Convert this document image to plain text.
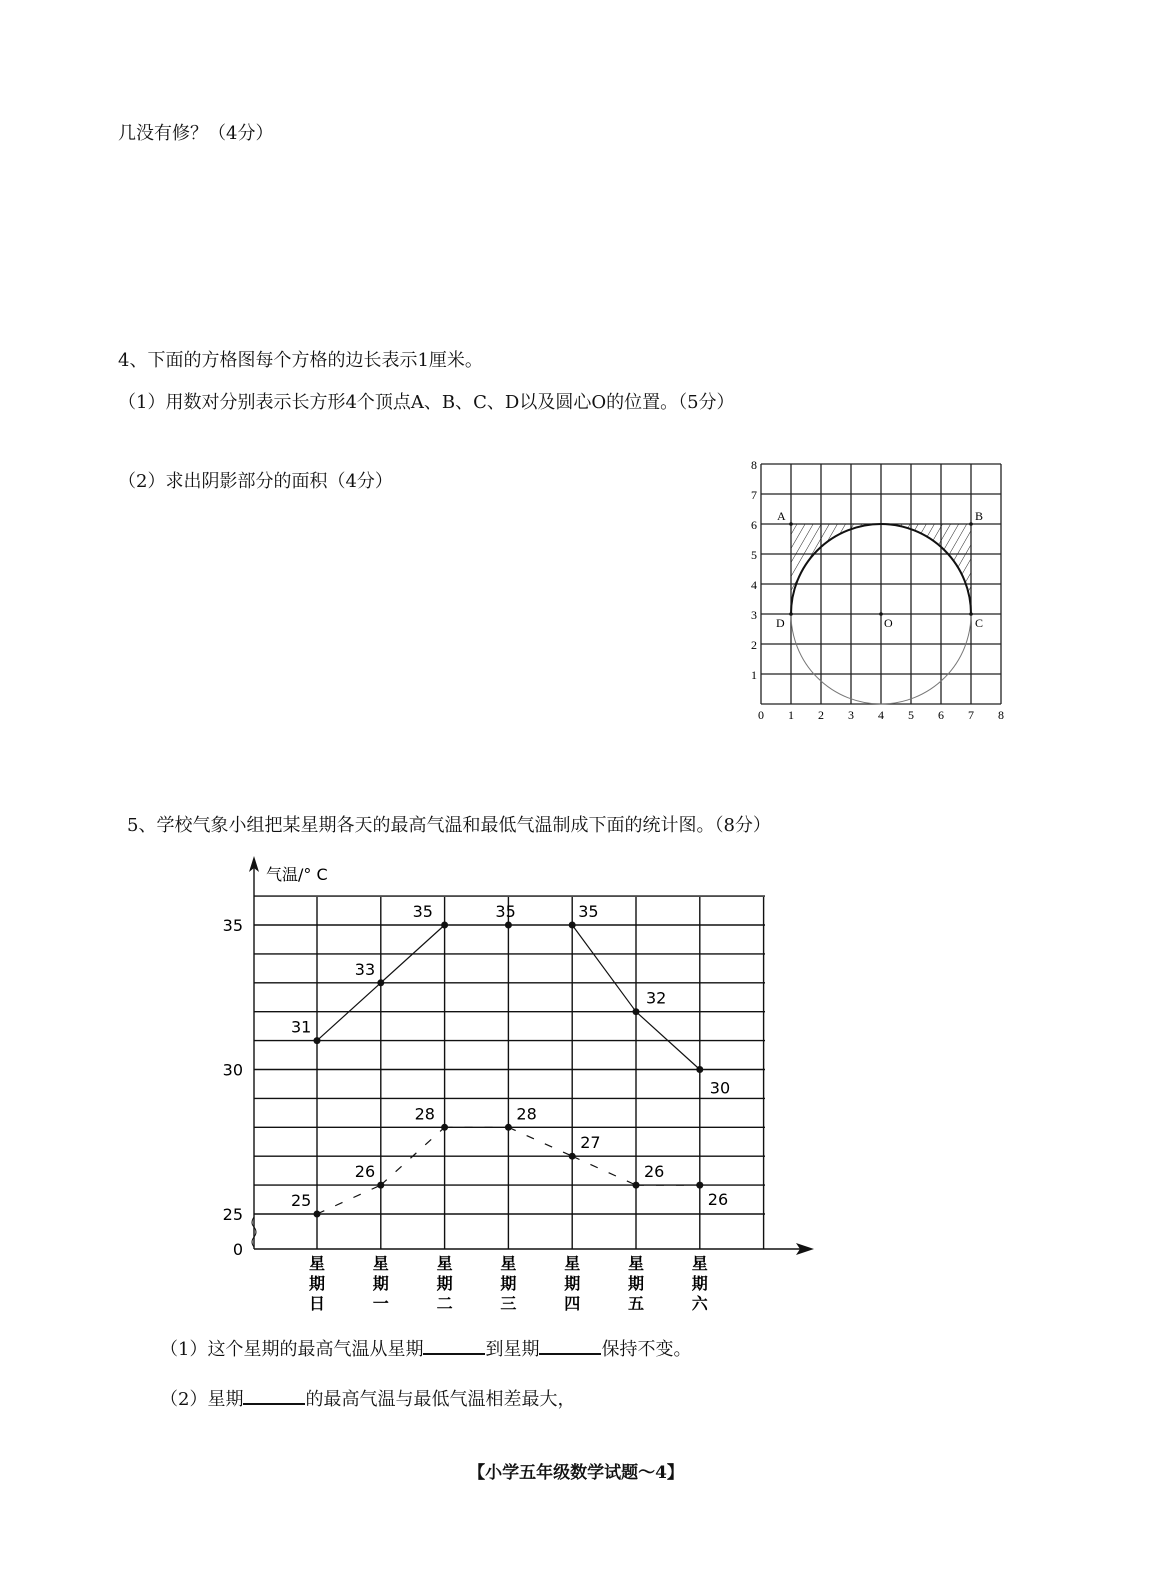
几没有修？（4分）
4、下面的方格图每个方格的边长表示1厘米。
（1）用数对分别表示长方形4个顶点A、B、C、D以及圆心O的位置。（5分）
（2）求出阴影部分的面积（4分）
5、学校气象小组把某星期各天的最高气温和最低气温制成下面的统计图。（8分）
（1）这个星期的最高气温从星期	到星期	保持不变。
（2）星期	的最高气温与最低气温相差最大，
【小学五年级数学试题～4】
0 1 2 3 4 5 6 7 8
1
2
3
4
5
6
7
8
A	B
C
D	O
气温/° C
0
25
30
35
星
期
日
星
期
一
星
期
二
星
期
三
星
期
四
星
期
五
星
期
六
31
33
35	35	35
32
30
25
26
28	28
27
26
26
